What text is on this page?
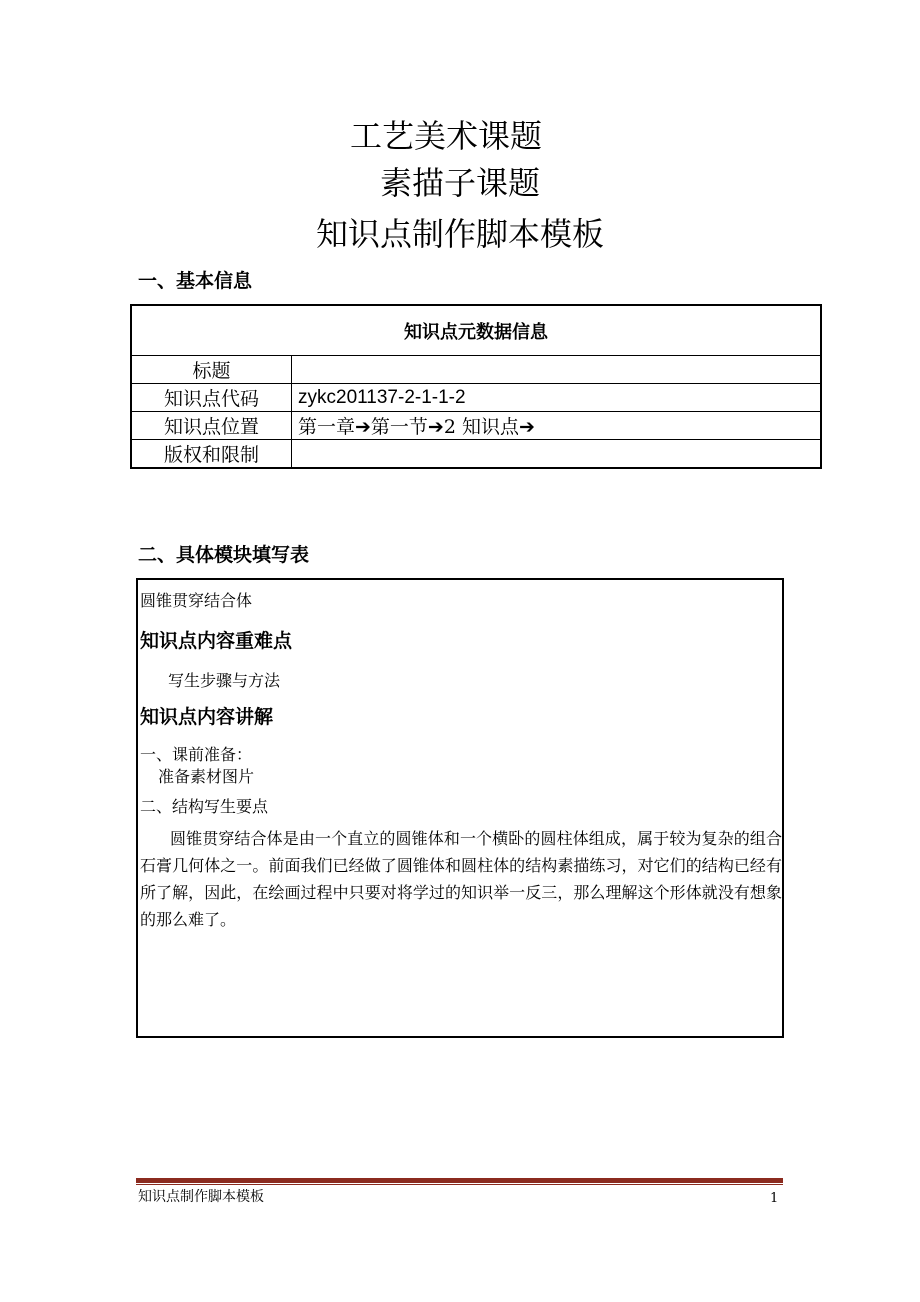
工艺美术课题
素描子课题
知识点制作脚本模板
一、基本信息
知识点元数据信息	
标题	
知识点代码	zykc201137-2-1-1-2
知识点位置	第一章➔第一节➔2 知识点➔
版权和限制	
二、具体模块填写表
圆锥贯穿结合体
知识点内容重难点
写生步骤与方法
知识点内容讲解
一、课前准备：
准备素材图片
二、结构写生要点
圆锥贯穿结合体是由一个直立的圆锥体和一个横卧的圆柱体组成，属于较为复杂的组合石膏几何体之一。前面我们已经做了圆锥体和圆柱体的结构素描练习，对它们的结构已经有所了解，因此，在绘画过程中只要对将学过的知识举一反三，那么理解这个形体就没有想象的那么难了。
知识点制作脚本模板	1
